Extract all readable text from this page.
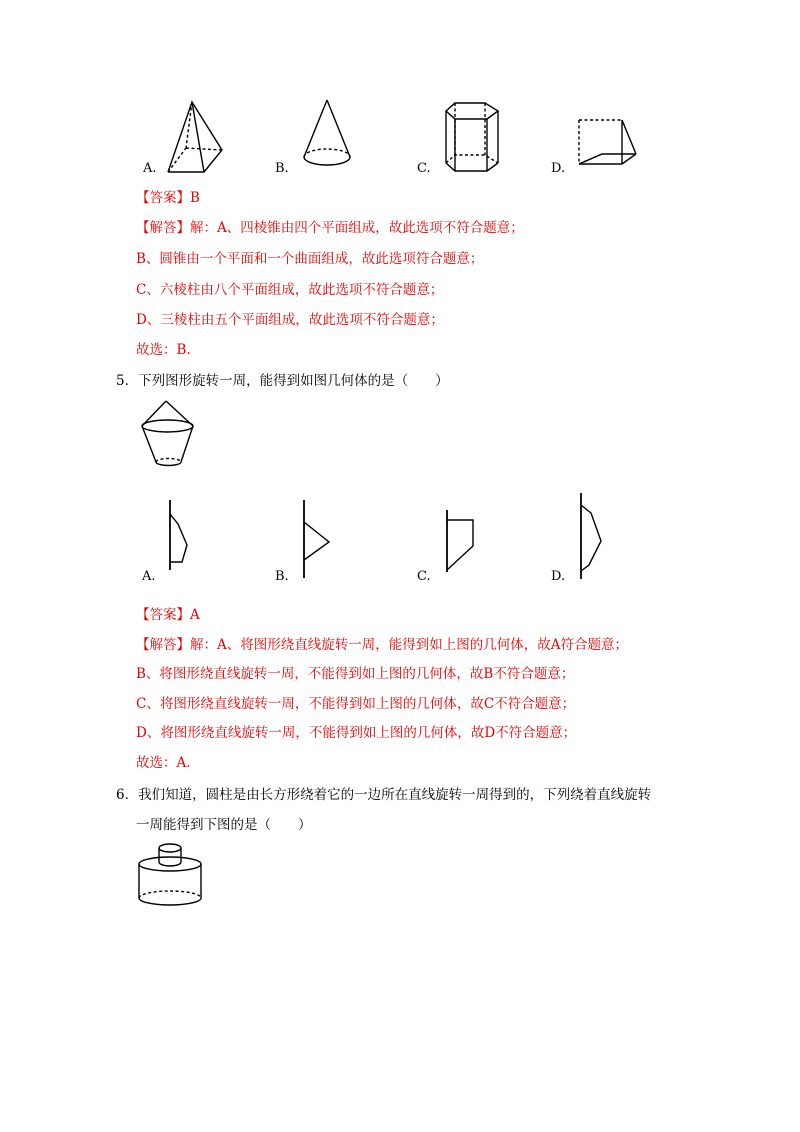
A.	B.	C.	D.
【答案】B
【解答】解：A、四棱锥由四个平面组成，故此选项不符合题意；
B、圆锥由一个平面和一个曲面组成，故此选项符合题意；
C、六棱柱由八个平面组成，故此选项不符合题意；
D、三棱柱由五个平面组成，故此选项不符合题意；
故选：B.
5．下列图形旋转一周，能得到如图几何体的是（　　）
A.	B.	C.	D.
【答案】A
【解答】解：A、将图形绕直线旋转一周，能得到如上图的几何体，故A符合题意；
B、将图形绕直线旋转一周，不能得到如上图的几何体，故B不符合题意；
C、将图形绕直线旋转一周，不能得到如上图的几何体，故C不符合题意；
D、将图形绕直线旋转一周，不能得到如上图的几何体，故D不符合题意；
故选：A.
6．我们知道，圆柱是由长方形绕着它的一边所在直线旋转一周得到的，下列绕着直线旋转
一周能得到下图的是（　　）
